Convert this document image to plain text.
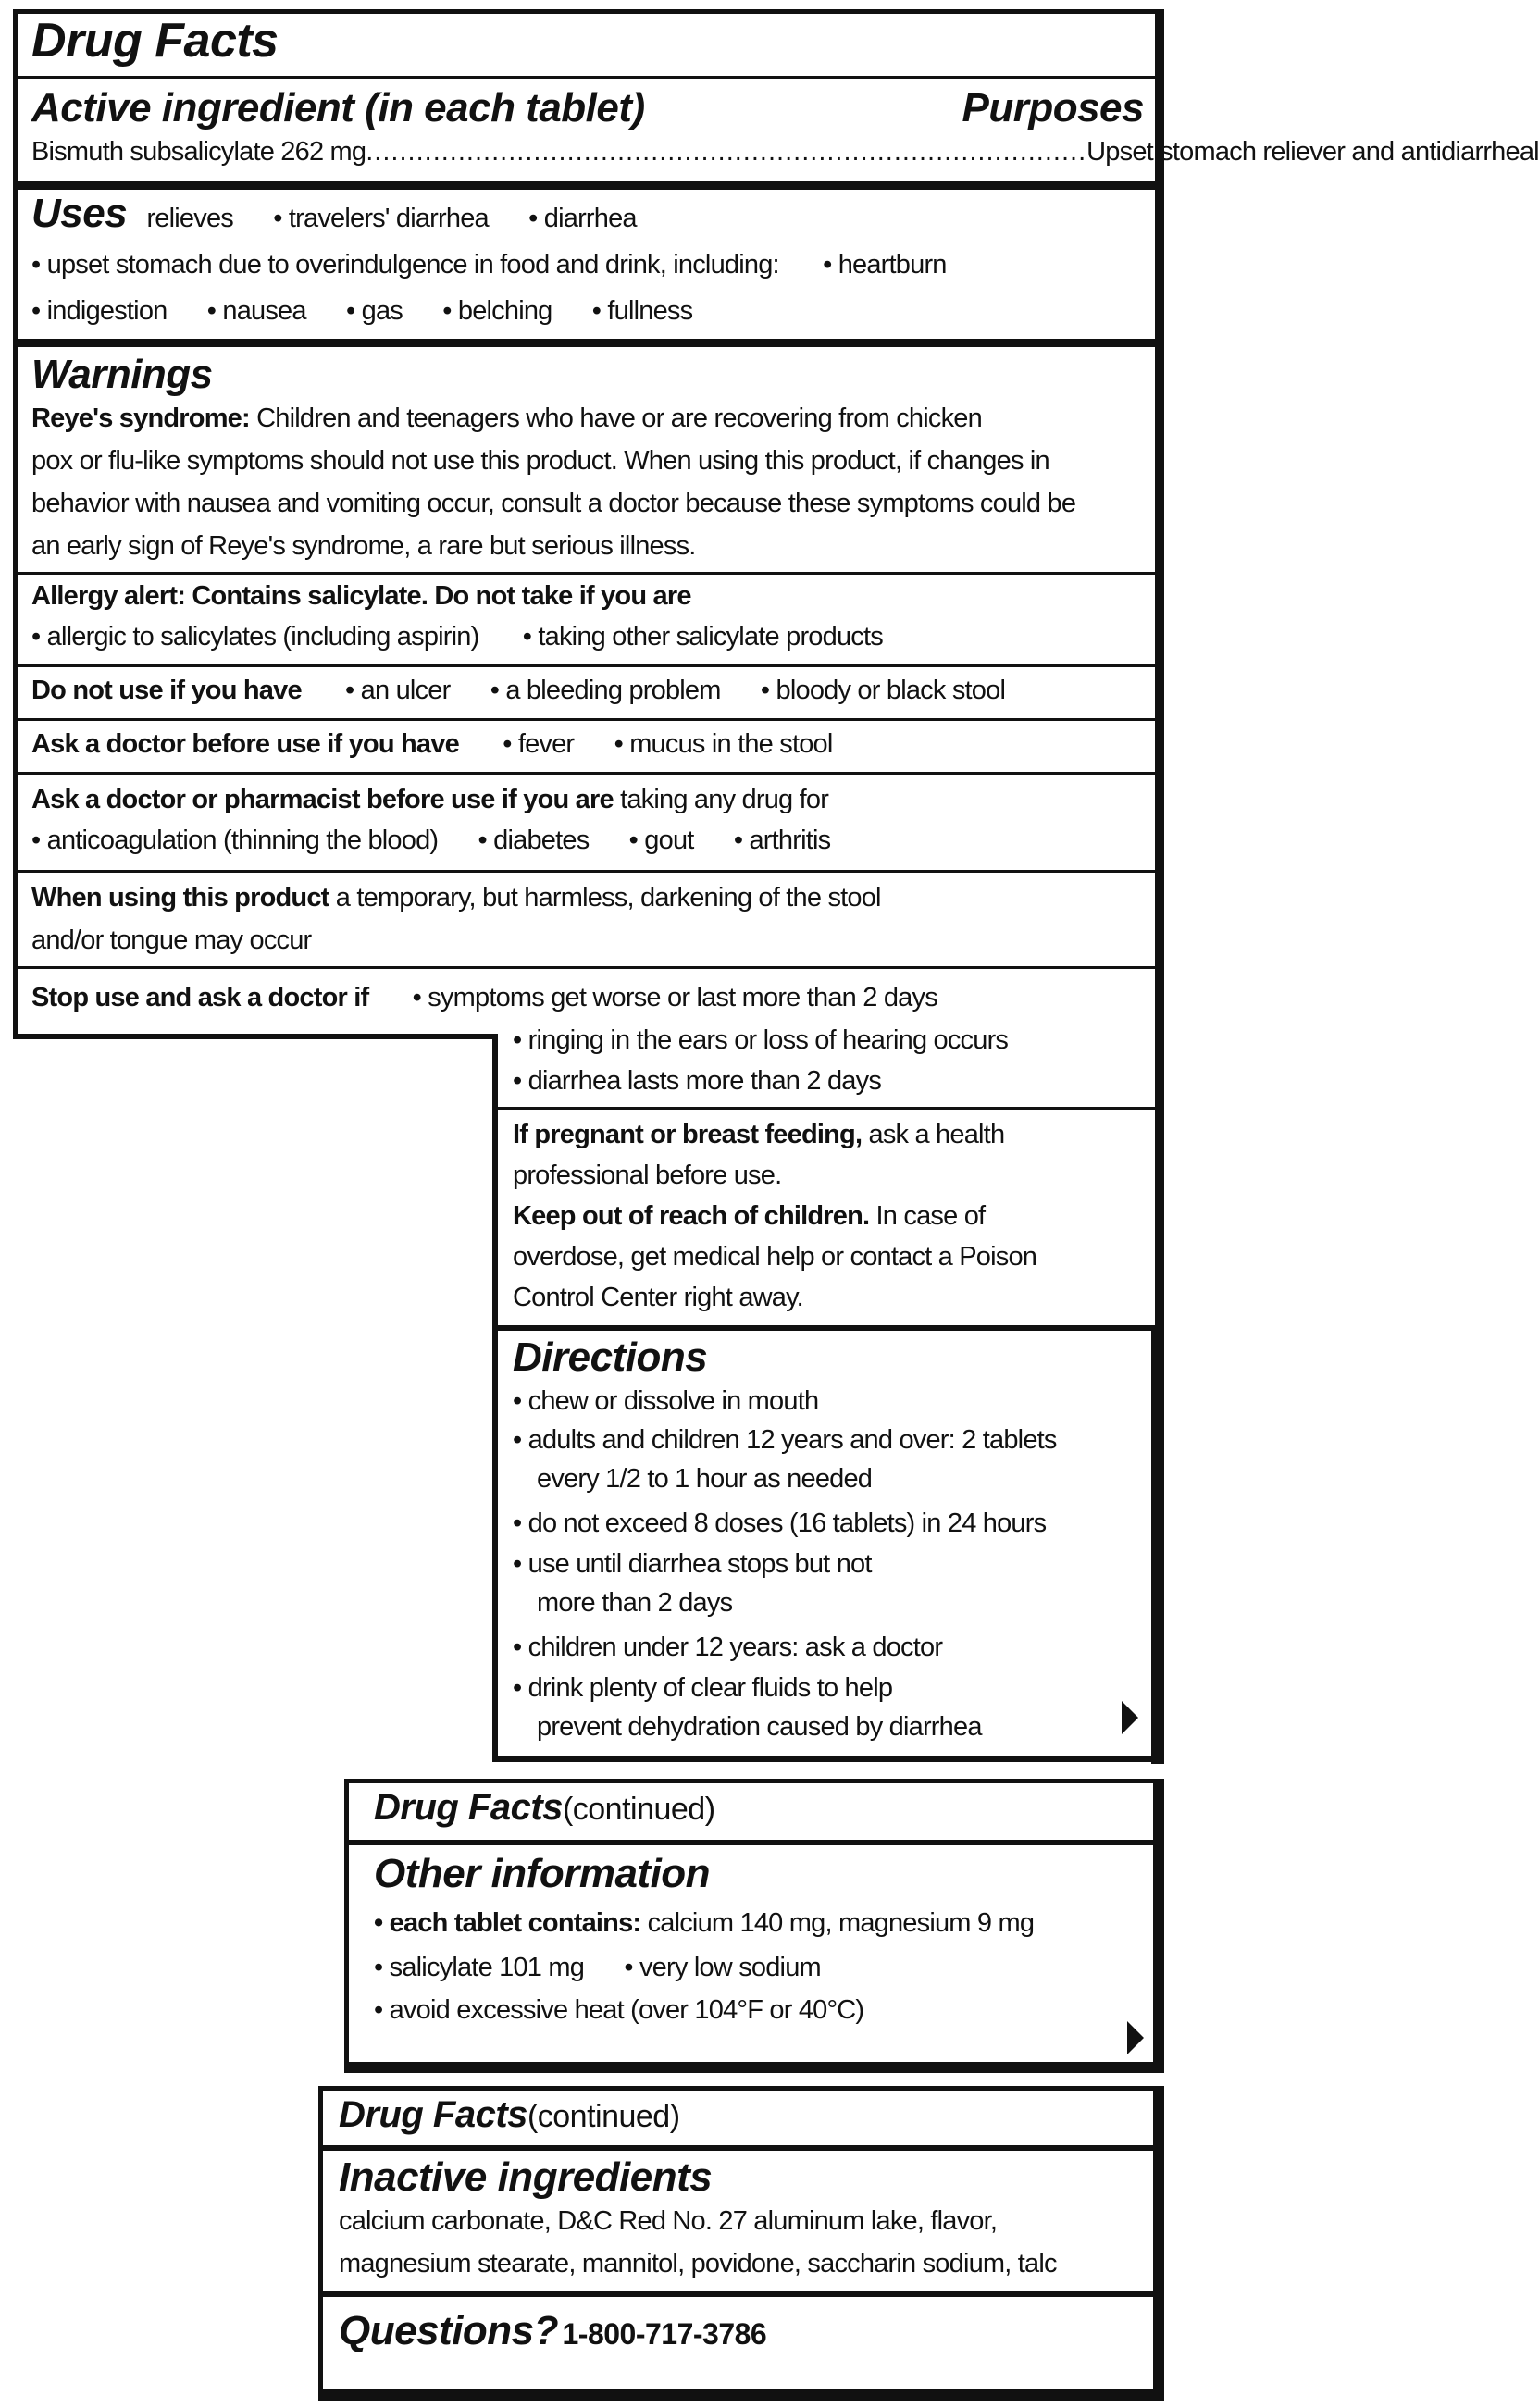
Drug Facts
Active ingredient (in each tablet)	Purposes
Bismuth subsalicylate 262 mg ...................................................................................... Upset stomach reliever and antidiarrheal
Uses relieves • travelers' diarrhea • diarrhea
• upset stomach due to overindulgence in food and drink, including: • heartburn
• indigestion • nausea • gas • belching • fullness
Warnings
Reye's syndrome: Children and teenagers who have or are recovering from chicken
pox or flu-like symptoms should not use this product. When using this product, if changes in
behavior with nausea and vomiting occur, consult a doctor because these symptoms could be
an early sign of Reye's syndrome, a rare but serious illness.
Allergy alert: Contains salicylate. Do not take if you are
• allergic to salicylates (including aspirin) • taking other salicylate products
Do not use if you have • an ulcer • a bleeding problem • bloody or black stool
Ask a doctor before use if you have • fever • mucus in the stool
Ask a doctor or pharmacist before use if you are taking any drug for
• anticoagulation (thinning the blood) • diabetes • gout • arthritis
When using this product a temporary, but harmless, darkening of the stool
and/or tongue may occur
Stop use and ask a doctor if • symptoms get worse or last more than 2 days
• ringing in the ears or loss of hearing occurs
• diarrhea lasts more than 2 days
If pregnant or breast feeding, ask a health
professional before use.
Keep out of reach of children. In case of
overdose, get medical help or contact a Poison
Control Center right away.
Directions
• chew or dissolve in mouth
• adults and children 12 years and over: 2 tablets
every 1/2 to 1 hour as needed
• do not exceed 8 doses (16 tablets) in 24 hours
• use until diarrhea stops but not
more than 2 days
• children under 12 years: ask a doctor
• drink plenty of clear fluids to help
prevent dehydration caused by diarrhea
Drug Facts(continued)
Other information
• each tablet contains: calcium 140 mg, magnesium 9 mg
• salicylate 101 mg • very low sodium
• avoid excessive heat (over 104°F or 40°C)
Drug Facts(continued)
Inactive ingredients
calcium carbonate, D&C Red No. 27 aluminum lake, flavor,
magnesium stearate, mannitol, povidone, saccharin sodium, talc
Questions? 1-800-717-3786
